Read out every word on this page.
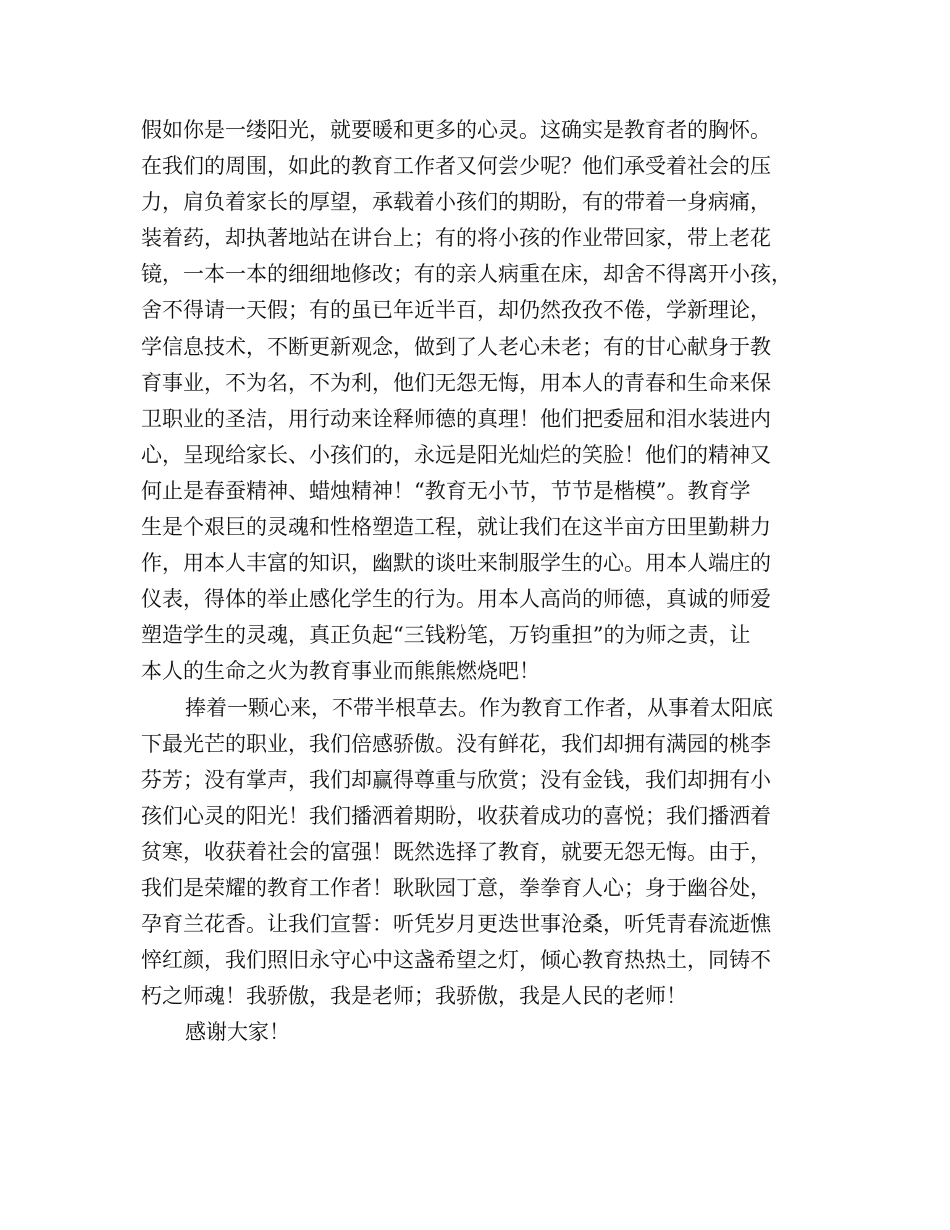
假如你是一缕阳光，就要暖和更多的心灵。这确实是教育者的胸怀。
在我们的周围，如此的教育工作者又何尝少呢？他们承受着社会的压
力，肩负着家长的厚望，承载着小孩们的期盼，有的带着一身病痛，
装着药，却执著地站在讲台上；有的将小孩的作业带回家，带上老花
镜，一本一本的细细地修改；有的亲人病重在床，却舍不得离开小孩，
舍不得请一天假；有的虽已年近半百，却仍然孜孜不倦，学新理论，
学信息技术，不断更新观念，做到了人老心未老；有的甘心献身于教
育事业，不为名，不为利，他们无怨无悔，用本人的青春和生命来保
卫职业的圣洁，用行动来诠释师德的真理！他们把委屈和泪水装进内
心，呈现给家长、小孩们的，永远是阳光灿烂的笑脸！他们的精神又
何止是春蚕精神、蜡烛精神！“教育无小节，节节是楷模”。教育学
生是个艰巨的灵魂和性格塑造工程，就让我们在这半亩方田里勤耕力
作，用本人丰富的知识，幽默的谈吐来制服学生的心。用本人端庄的
仪表，得体的举止感化学生的行为。用本人高尚的师德，真诚的师爱
塑造学生的灵魂，真正负起“三钱粉笔，万钧重担”的为师之责，让
本人的生命之火为教育事业而熊熊燃烧吧！
捧着一颗心来，不带半根草去。作为教育工作者，从事着太阳底
下最光芒的职业，我们倍感骄傲。没有鲜花，我们却拥有满园的桃李
芬芳；没有掌声，我们却赢得尊重与欣赏；没有金钱，我们却拥有小
孩们心灵的阳光！我们播洒着期盼，收获着成功的喜悦；我们播洒着
贫寒，收获着社会的富强！既然选择了教育，就要无怨无悔。由于，
我们是荣耀的教育工作者！耿耿园丁意，拳拳育人心；身于幽谷处，
孕育兰花香。让我们宣誓：听凭岁月更迭世事沧桑，听凭青春流逝憔
悴红颜，我们照旧永守心中这盏希望之灯，倾心教育热热土，同铸不
朽之师魂！我骄傲，我是老师；我骄傲，我是人民的老师！
感谢大家！
